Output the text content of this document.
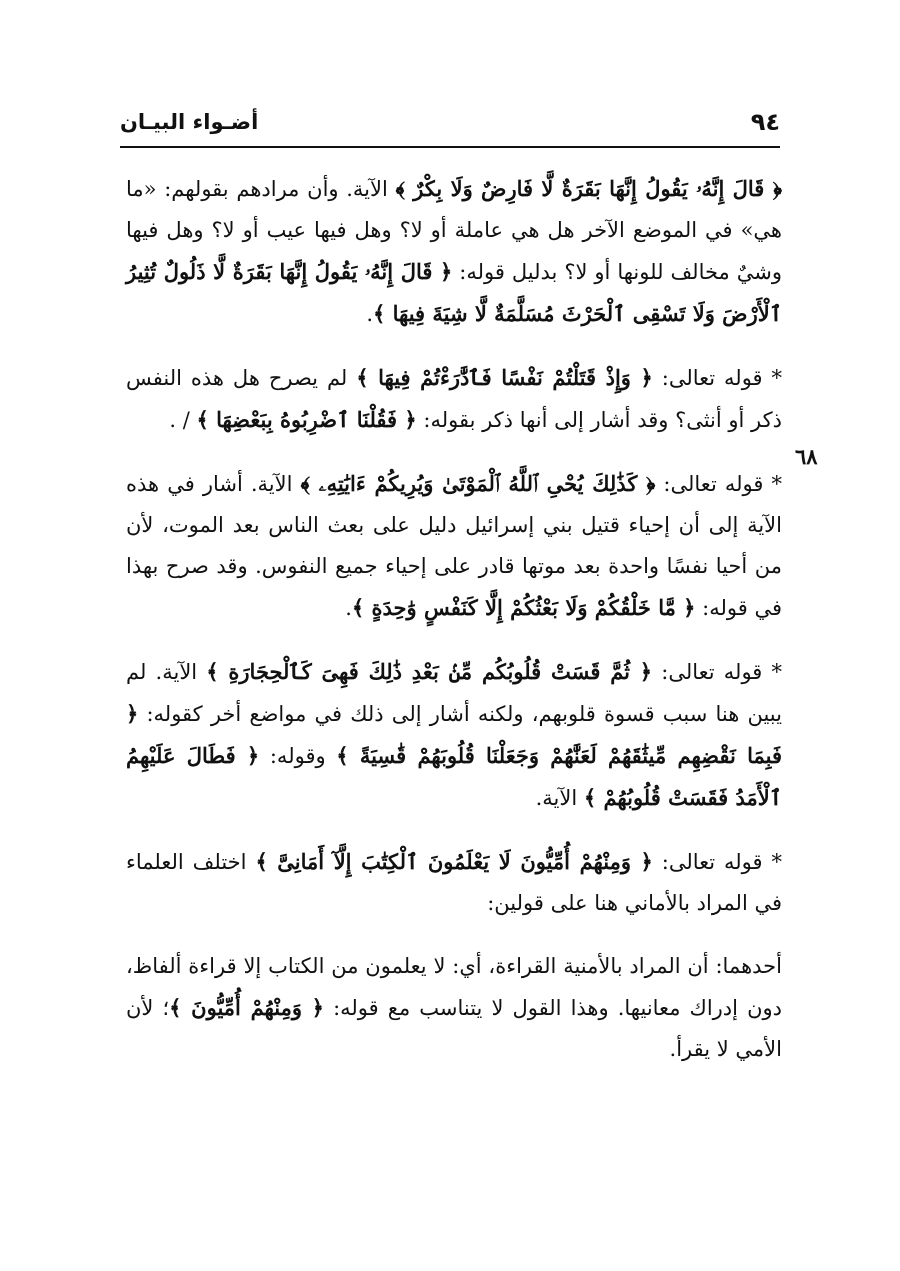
٩٤
أضـواء البيـان
٦٨

﴿ قَالَ إِنَّهُۥ يَقُولُ إِنَّهَا بَقَرَةٌ لَّا فَارِضٌ وَلَا بِكْرٌ ﴾ الآية. وأن مرادهم بقولهم: «ما هي» في الموضع الآخر هل هي عاملة أو لا؟ وهل فيها عيب أو لا؟ وهل فيها وشيٌ مخالف للونها أو لا؟ بدليل قوله: ﴿ قَالَ إِنَّهُۥ يَقُولُ إِنَّهَا بَقَرَةٌ لَّا ذَلُولٌ تُثِيرُ ٱلْأَرْضَ وَلَا تَسْقِى ٱلْحَرْثَ مُسَلَّمَةٌ لَّا شِيَةَ فِيهَا ﴾.

* قوله تعالى: ﴿ وَإِذْ قَتَلْتُمْ نَفْسًا فَٱدَّٰرَءْتُمْ فِيهَا ﴾ لم يصرح هل هذه النفس ذكر أو أنثى؟ وقد أشار إلى أنها ذكر بقوله: ﴿ فَقُلْنَا ٱضْرِبُوهُ بِبَعْضِهَا ﴾ / .

* قوله تعالى: ﴿ كَذَٰلِكَ يُحْىِ ٱللَّهُ ٱلْمَوْتَىٰ وَيُرِيكُمْ ءَايَٰتِهِۦ ﴾ الآية. أشار في هذه الآية إلى أن إحياء قتيل بني إسرائيل دليل على بعث الناس بعد الموت، لأن من أحيا نفسًا واحدة بعد موتها قادر على إحياء جميع النفوس. وقد صرح بهذا في قوله: ﴿ مَّا خَلْقُكُمْ وَلَا بَعْثُكُمْ إِلَّا كَنَفْسٍ وَٰحِدَةٍ ﴾.

* قوله تعالى: ﴿ ثُمَّ قَسَتْ قُلُوبُكُم مِّنۢ بَعْدِ ذَٰلِكَ فَهِىَ كَٱلْحِجَارَةِ ﴾ الآية. لم يبين هنا سبب قسوة قلوبهم، ولكنه أشار إلى ذلك في مواضع أخر كقوله: ﴿ فَبِمَا نَقْضِهِم مِّيثَٰقَهُمْ لَعَنَّٰهُمْ وَجَعَلْنَا قُلُوبَهُمْ قَٰسِيَةً ﴾ وقوله: ﴿ فَطَالَ عَلَيْهِمُ ٱلْأَمَدُ فَقَسَتْ قُلُوبُهُمْ ﴾ الآية.

* قوله تعالى: ﴿ وَمِنْهُمْ أُمِّيُّونَ لَا يَعْلَمُونَ ٱلْكِتَٰبَ إِلَّآ أَمَانِىَّ ﴾ اختلف العلماء في المراد بالأماني هنا على قولين:

أحدهما: أن المراد بالأمنية القراءة، أي: لا يعلمون من الكتاب إلا قراءة ألفاظ، دون إدراك معانيها. وهذا القول لا يتناسب مع قوله: ﴿ وَمِنْهُمْ أُمِّيُّونَ ﴾؛ لأن الأمي لا يقرأ.
